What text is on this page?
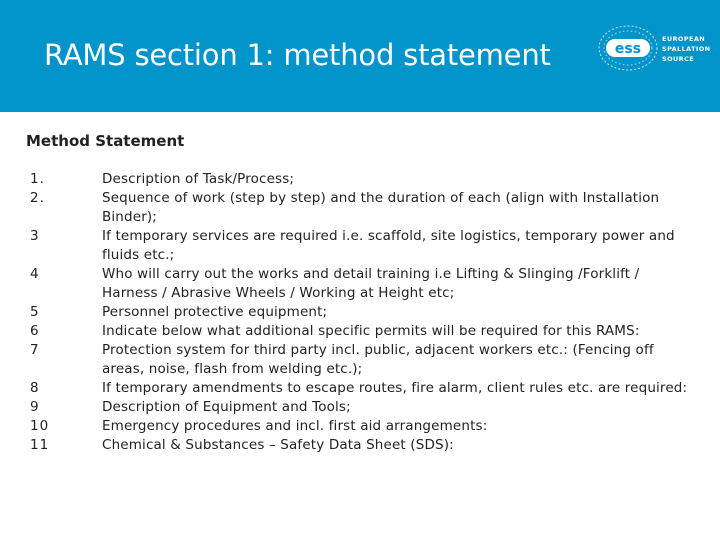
RAMS section 1: method statement	ess
EUROPEAN
SPALLATION
SOURCE
Method Statement
1.	Description of Task/Process;
2.	Sequence of work (step by step) and the duration of each (align with Installation Binder);
3	If temporary services are required i.e. scaffold, site logistics, temporary power and fluids etc.;
4	Who will carry out the works and detail training i.e Lifting & Slinging /Forklift / Harness / Abrasive Wheels / Working at Height etc;
5	Personnel protective equipment;
6	Indicate below what additional specific permits will be required for this RAMS:
7	Protection system for third party incl. public, adjacent workers etc.: (Fencing off areas, noise, flash from welding etc.);
8	If temporary amendments to escape routes, fire alarm, client rules etc. are required:
9	Description of Equipment and Tools;
10	Emergency procedures and incl. first aid arrangements:
11	Chemical & Substances – Safety Data Sheet (SDS):
